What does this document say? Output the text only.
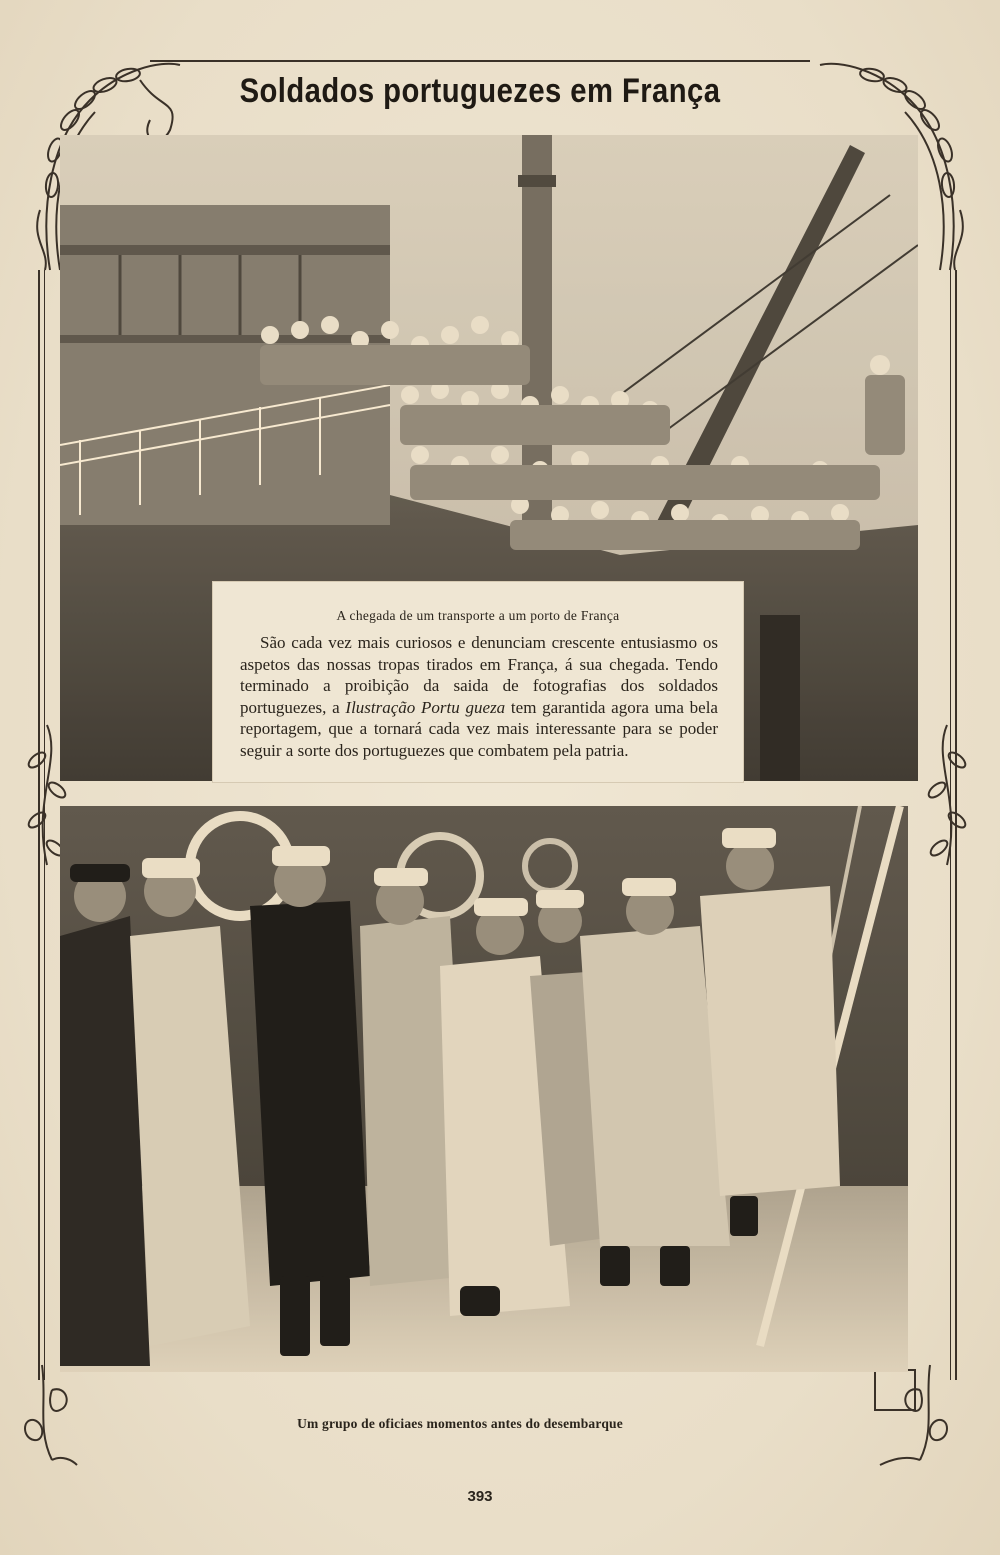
Soldados portuguezes em França
A chegada de um transporte a um porto de França
São cada vez mais curiosos e denunciam crescente entusiasmo os aspetos das nossas tropas tirados em França, á sua chegada. Tendo terminado a proibição da saida de fotografias dos soldados portuguezes, a Ilustração Portu gueza tem garantida agora uma bela reportagem, que a tornará cada vez mais interessante para se poder seguir a sorte dos portuguezes que combatem pela patria.
Um grupo de oficiaes momentos antes do desembarque
393
